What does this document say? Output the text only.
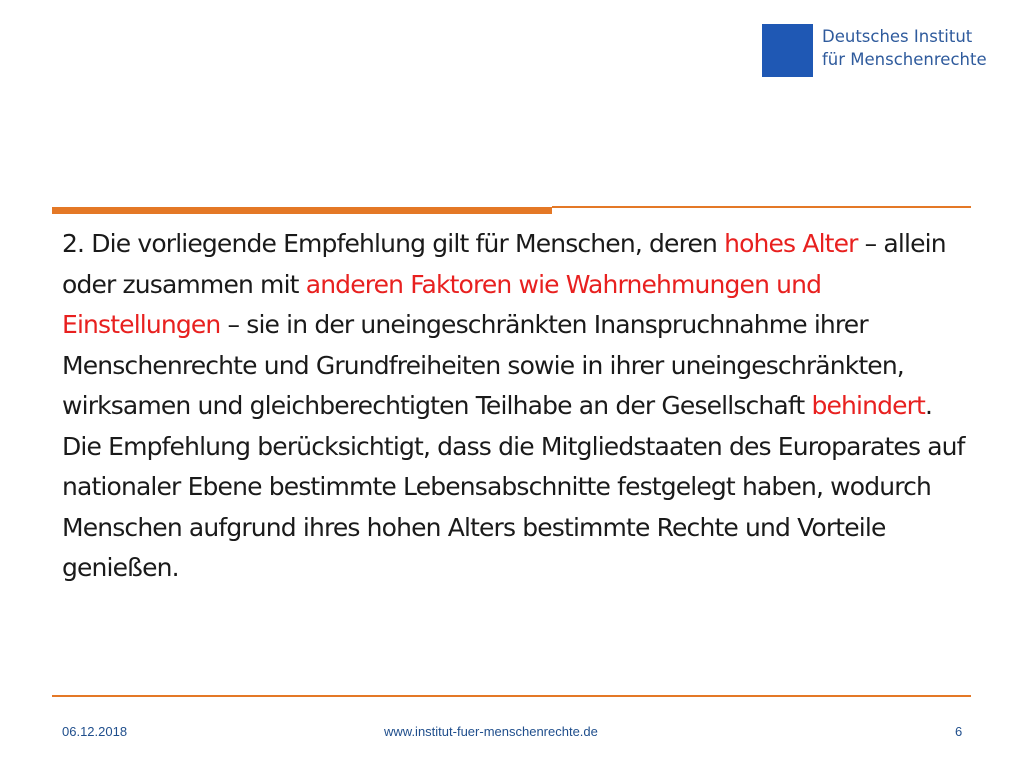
Deutsches Institut
für Menschenrechte

2. Die vorliegende Empfehlung gilt für Menschen, deren hohes Alter – allein oder zusammen mit anderen Faktoren wie Wahrnehmungen und Einstellungen – sie in der uneingeschränkten Inanspruchnahme ihrer Menschenrechte und Grundfreiheiten sowie in ihrer uneingeschränkten, wirksamen und gleichberechtigten Teilhabe an der Gesellschaft behindert. Die Empfehlung berücksichtigt, dass die Mitgliedstaaten des Europarates auf nationaler Ebene bestimmte Lebensabschnitte festgelegt haben, wodurch Menschen aufgrund ihres hohen Alters bestimmte Rechte und Vorteile genießen.

06.12.2018	www.institut-fuer-menschenrechte.de	6
